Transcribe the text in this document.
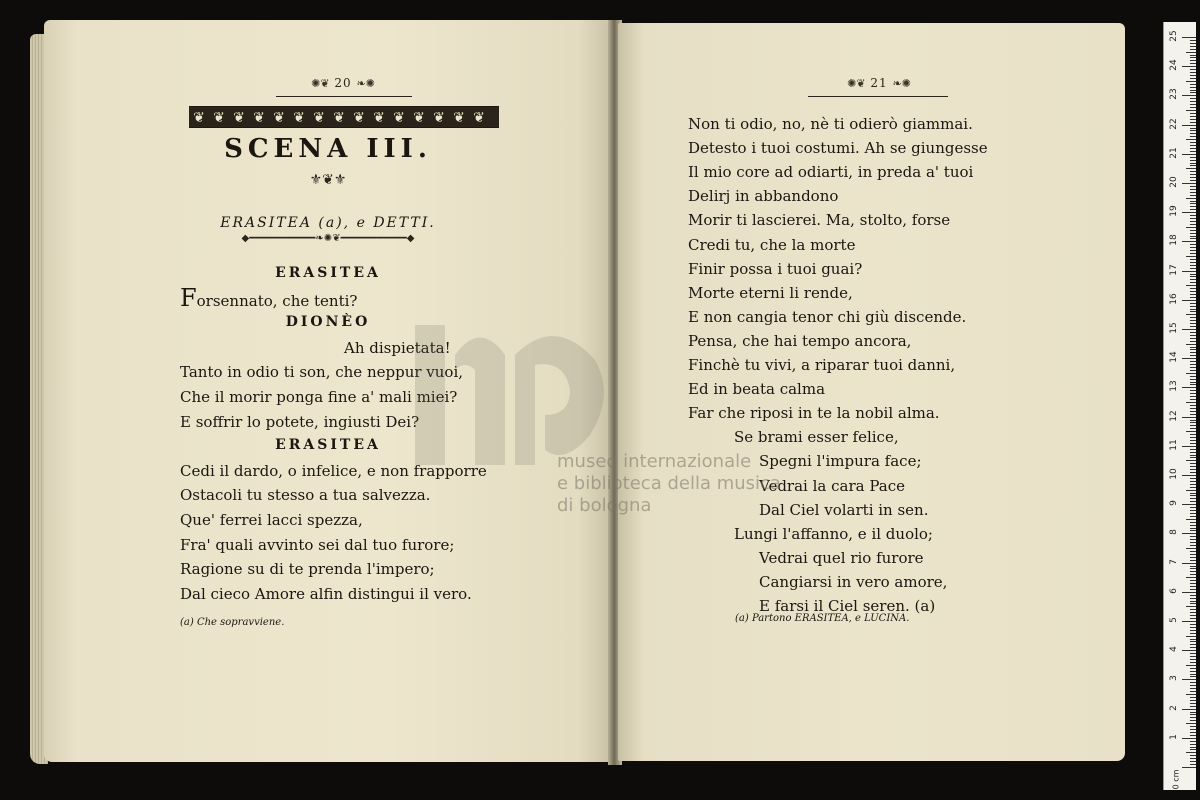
✺❦ 20 ❧✺
❦ ❦ ❦ ❦ ❦ ❦ ❦ ❦ ❦ ❦ ❦ ❦ ❦ ❦ ❦
SCENA III.
⚜❦⚜
ERASITEA (a), e DETTI.
◆━━━━━━━━━━━❧✺❦━━━━━━━━━━━◆
(a) Che sopravviene.
ERASITEA
Forsennato, che tenti?
DIONÈO
Ah dispietata!
Tanto in odio ti son, che neppur vuoi,
Che il morir ponga fine a' mali miei?
E soffrir lo potete, ingiusti Dei?
ERASITEA
Cedi il dardo, o infelice, e non frapporre
Ostacoli tu stesso a tua salvezza.
Que' ferrei lacci spezza,
Fra' quali avvinto sei dal tuo furore;
Ragione su di te prenda l'impero;
Dal cieco Amore alfin distingui il vero.
✺❦ 21 ❧✺
(a) Partono ERASITEA, e LUCINA.
Non ti odio, no, nè ti odierò giammai.
Detesto i tuoi costumi. Ah se giungesse
Il mio core ad odiarti, in preda a' tuoi
Delirj in abbandono
Morir ti lascierei. Ma, stolto, forse
Credi tu, che la morte
Finir possa i tuoi guai?
Morte eterni li rende,
E non cangia tenor chi giù discende.
Pensa, che hai tempo ancora,
Finchè tu vivi, a riparar tuoi danni,
Ed in beata calma
Far che riposi in te la nobil alma.
Se brami esser felice,
Spegni l'impura face;
Vedrai la cara Pace
Dal Ciel volarti in sen.
Lungi l'affanno, e il duolo;
Vedrai quel rio furore
Cangiarsi in vero amore,
E farsi il Ciel seren. (a)
museo internazionale
e biblioteca della musica
di bologna
0 cm
1
2
3
4
5
6
7
8
9
10
11
12
13
14
15
16
17
18
19
20
21
22
23
24
25
